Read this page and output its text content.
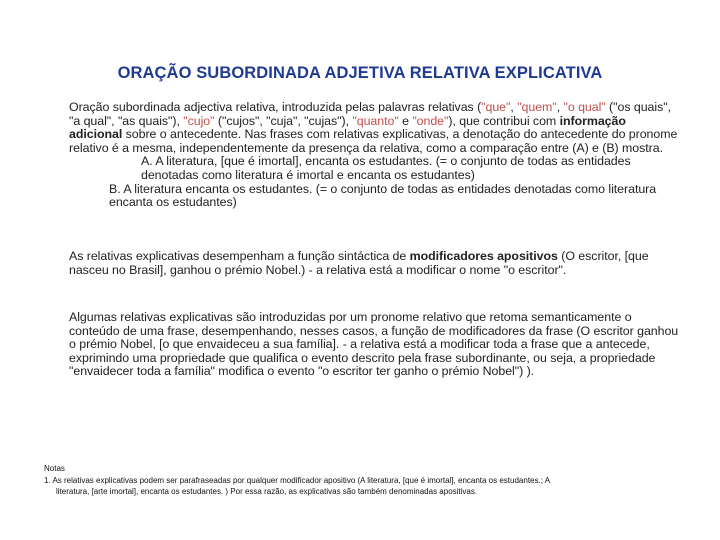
ORAÇÃO SUBORDINADA ADJETIVA RELATIVA EXPLICATIVA
Oração subordinada adjectiva relativa, introduzida pelas palavras relativas ("que", "quem", "o qual" ("os quais", "a qual", "as quais"), "cujo" ("cujos", "cuja", "cujas"), "quanto" e "onde"), que contribui com informação adicional sobre o antecedente. Nas frases com relativas explicativas, a denotação do antecedente do pronome relativo é a mesma, independentemente da presença da relativa, como a comparação entre (A) e (B) mostra.
A. A literatura, [que é imortal], encanta os estudantes. (= o conjunto de todas as entidades denotadas como literatura é imortal e encanta os estudantes)
B. A literatura encanta os estudantes. (= o conjunto de todas as entidades denotadas como literatura encanta os estudantes)
As relativas explicativas desempenham a função sintáctica de modificadores apositivos (O escritor, [que nasceu no Brasil], ganhou o prémio Nobel.) - a relativa está a modificar o nome "o escritor".
Algumas relativas explicativas são introduzidas por um pronome relativo que retoma semanticamente o conteúdo de uma frase, desempenhando, nesses casos, a função de modificadores da frase (O escritor ganhou o prémio Nobel, [o que envaideceu a sua família]. - a relativa está a modificar toda a frase que a antecede, exprimindo uma propriedade que qualifica o evento descrito pela frase subordinante, ou seja, a propriedade "envaidecer toda a família" modifica o evento "o escritor ter ganho o prémio Nobel") ).
Notas
1. As relativas explicativas podem ser parafraseadas por qualquer modificador apositivo (A literatura, [que é imortal], encanta os estudantes.; A
literatura, [arte imortal], encanta os estudantes. ) Por essa razão, as explicativas são também denominadas apositivas.
